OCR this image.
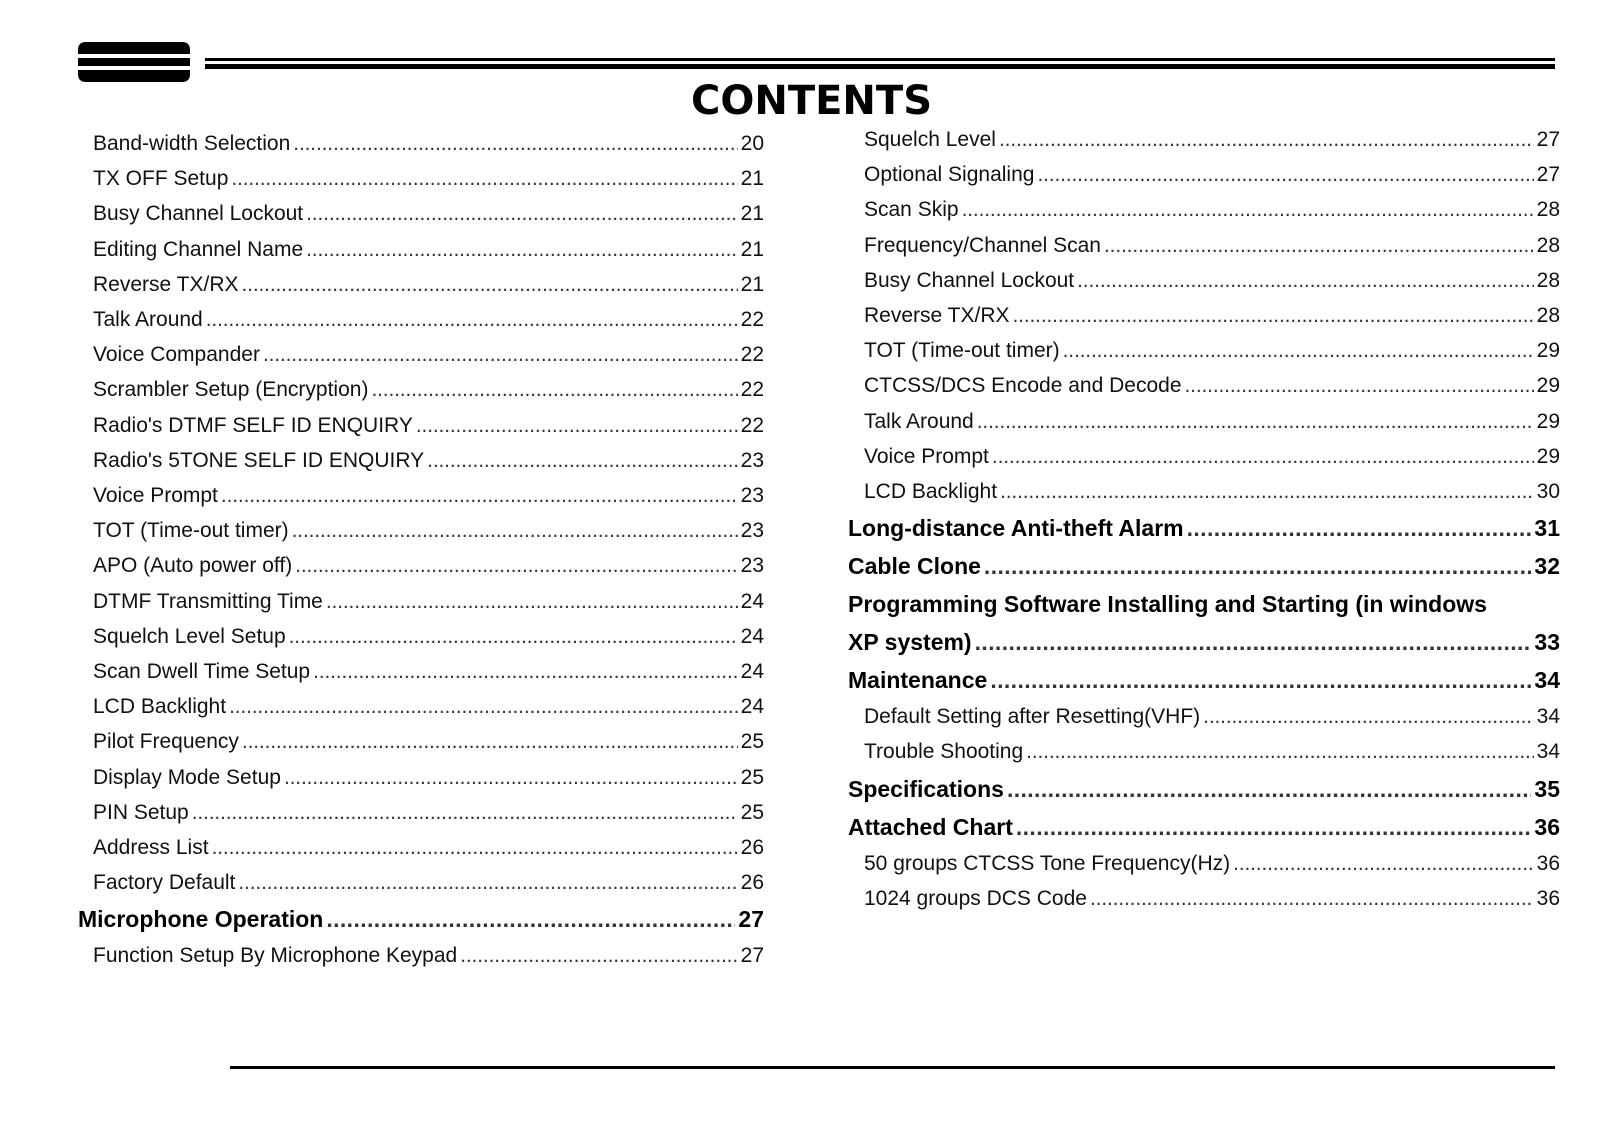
CONTENTS
Band-width Selection . . .	20
TX OFF Setup . . .	21
Busy Channel Lockout . . .	21
Editing Channel Name . . .	21
Reverse TX/RX . . .	21
Talk Around . . .	22
Voice Compander . . .	22
Scrambler Setup (Encryption) . . .	22
Radio's DTMF SELF ID ENQUIRY . . .	22
Radio's 5TONE SELF ID ENQUIRY . . .	23
Voice Prompt . . .	23
TOT (Time-out timer) . . .	23
APO (Auto power off) . . .	23
DTMF Transmitting Time . . .	24
Squelch Level Setup . . .	24
Scan Dwell Time Setup . . .	24
LCD Backlight . . .	24
Pilot Frequency . . .	25
Display Mode Setup . . .	25
PIN Setup . . .	25
Address List . . .	26
Factory Default . . .	26
Microphone Operation . . .	27
Function Setup By Microphone Keypad . . .	27
Squelch Level . . .	27
Optional Signaling . . .	27
Scan Skip . . .	28
Frequency/Channel Scan . . .	28
Busy Channel Lockout . . .	28
Reverse TX/RX . . .	28
TOT (Time-out timer) . . .	29
CTCSS/DCS Encode and Decode . . .	29
Talk Around . . .	29
Voice Prompt . . .	29
LCD Backlight . . .	30
Long-distance Anti-theft Alarm . . .	31
Cable Clone . . .	32
Programming Software Installing and Starting (in windows
XP system) . . .	33
Maintenance . . .	34
Default Setting after Resetting(VHF) . . .	34
Trouble Shooting . . .	34
Specifications . . .	35
Attached Chart . . .	36
50 groups CTCSS Tone Frequency(Hz) . . .	36
1024 groups DCS Code . . .	36
